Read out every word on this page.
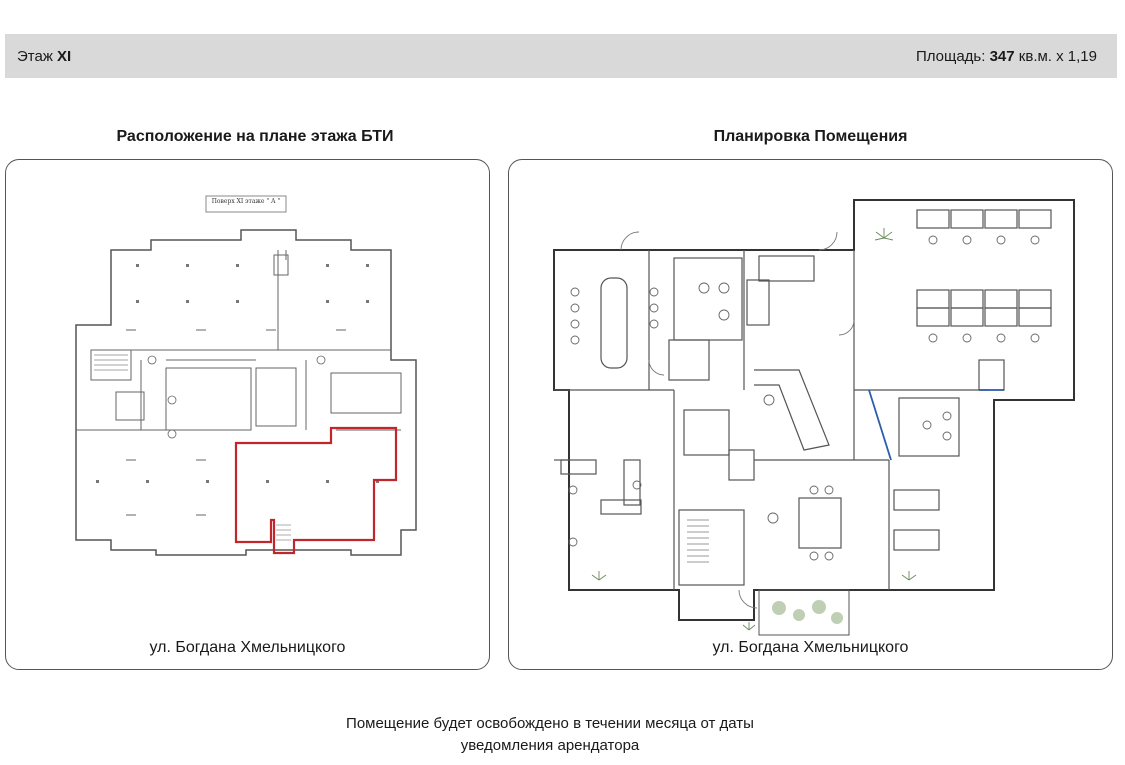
Этаж XI	Площадь: 347 кв.м. х 1,19
Расположение на плане этажа БТИ	Планировка Помещения
Поверх XI этаже " А "
ул. Богдана Хмельницкого	ул. Богдана Хмельницкого
Помещение будет освобождено в течении месяца от даты
уведомления арендатора
